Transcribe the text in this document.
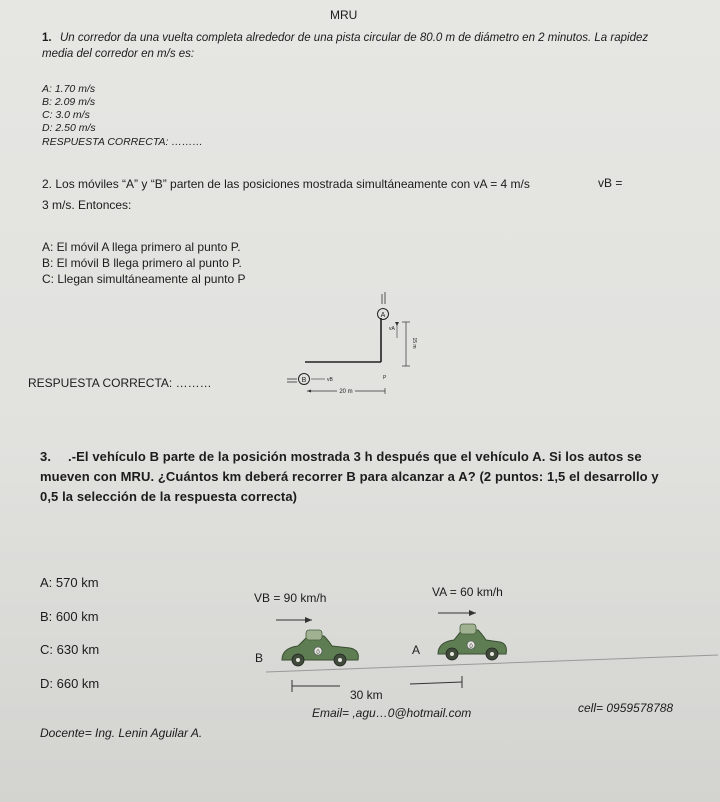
MRU
1. Un corredor da una vuelta completa alrededor de una pista circular de 80.0 m de diámetro en 2 minutos. La rapidez media del corredor en m/s es:
A: 1.70 m/s
B: 2.09 m/s
C: 3.0 m/s
D: 2.50 m/s
RESPUESTA CORRECTA: ………
2. Los móviles “A” y “B” parten de las posiciones mostrada simultáneamente con vA = 4 m/s
3 m/s. Entonces:
vB =
A: El móvil A llega primero al punto P.
B: El móvil B llega primero al punto P.
C: Llegan simultáneamente al punto P
A
vA
15 m
B	vB	P
20 m
RESPUESTA CORRECTA: ………
3. .-El vehículo B parte de la posición mostrada 3 h después que el vehículo A. Si los autos se mueven con MRU. ¿Cuántos km deberá recorrer B para alcanzar a A? (2 puntos: 1,5 el desarrollo y 0,5 la selección de la respuesta correcta)
A: 570 km
B: 600 km
C: 630 km
D: 660 km
VB = 90 km/h	VA = 60 km/h
0
B
0
A
30 km
Docente= Ing. Lenin Aguilar A.
Email= ,agu…0@hotmail.com	cell= 0959578788
